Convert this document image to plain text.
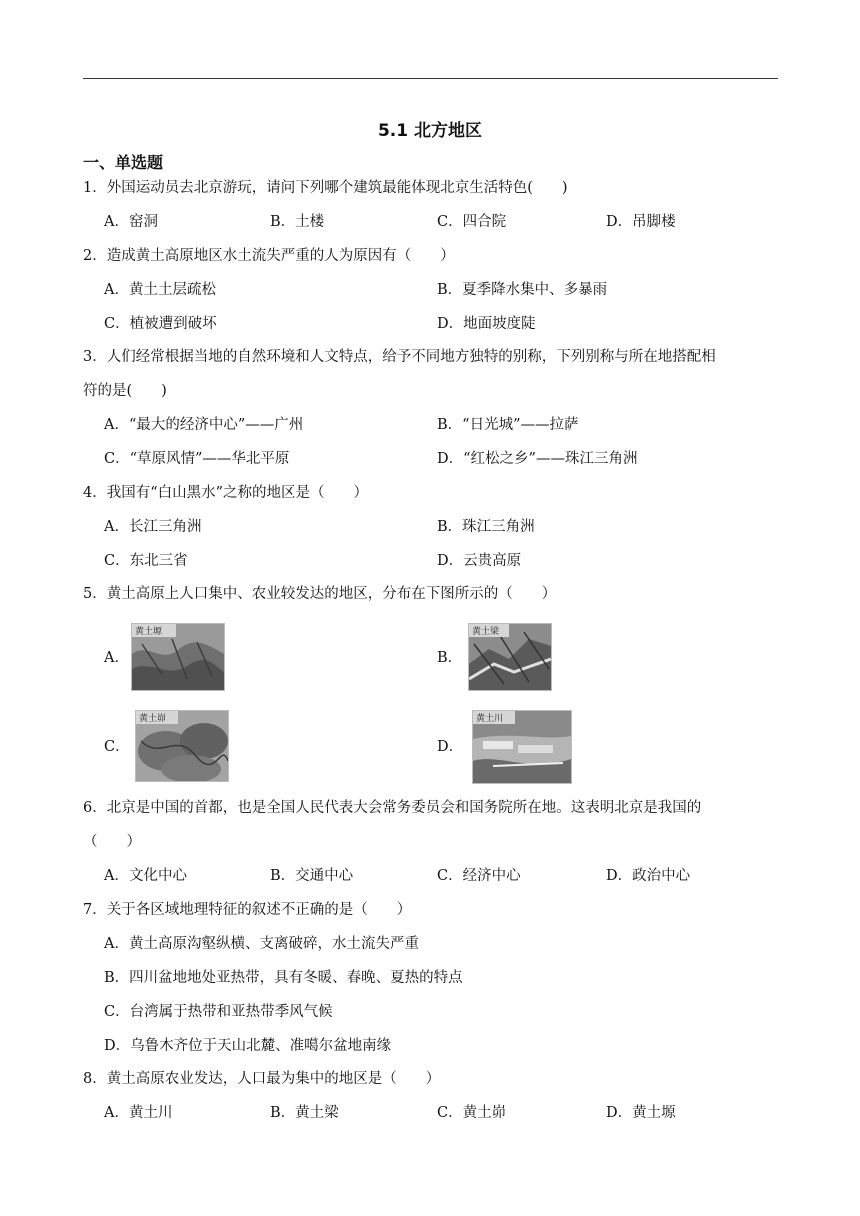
5.1 北方地区
一、单选题
1．外国运动员去北京游玩，请问下列哪个建筑最能体现北京生活特色(　　)
A．窑洞	B．土楼	C．四合院	D．吊脚楼
2．造成黄土高原地区水土流失严重的人为原因有（　　）
A．黄土土层疏松	B．夏季降水集中、多暴雨
C．植被遭到破坏	D．地面坡度陡
3．人们经常根据当地的自然环境和人文特点，给予不同地方独特的别称，下列别称与所在地搭配相
符的是(　　)
A．“最大的经济中心”——广州	B．“日光城”——拉萨
C．“草原风情”——华北平原	D．“红松之乡”——珠江三角洲
4．我国有“白山黑水”之称的地区是（　　）
A．长江三角洲	B．珠江三角洲
C．东北三省	D．云贵高原
5．黄土高原上人口集中、农业较发达的地区，分布在下图所示的（　　）
A．
黄土塬
B．
黄土梁
C．
黄土峁
D．
黄土川
6．北京是中国的首都，也是全国人民代表大会常务委员会和国务院所在地。这表明北京是我国的
（　　）
A．文化中心	B．交通中心	C．经济中心	D．政治中心
7．关于各区域地理特征的叙述不正确的是（　　）
A．黄土高原沟壑纵横、支离破碎，水土流失严重
B．四川盆地地处亚热带，具有冬暖、春晚、夏热的特点
C．台湾属于热带和亚热带季风气候
D．乌鲁木齐位于天山北麓、准噶尔盆地南缘
8．黄土高原农业发达，人口最为集中的地区是（　　）
A．黄土川	B．黄土梁	C．黄土峁	D．黄土塬
